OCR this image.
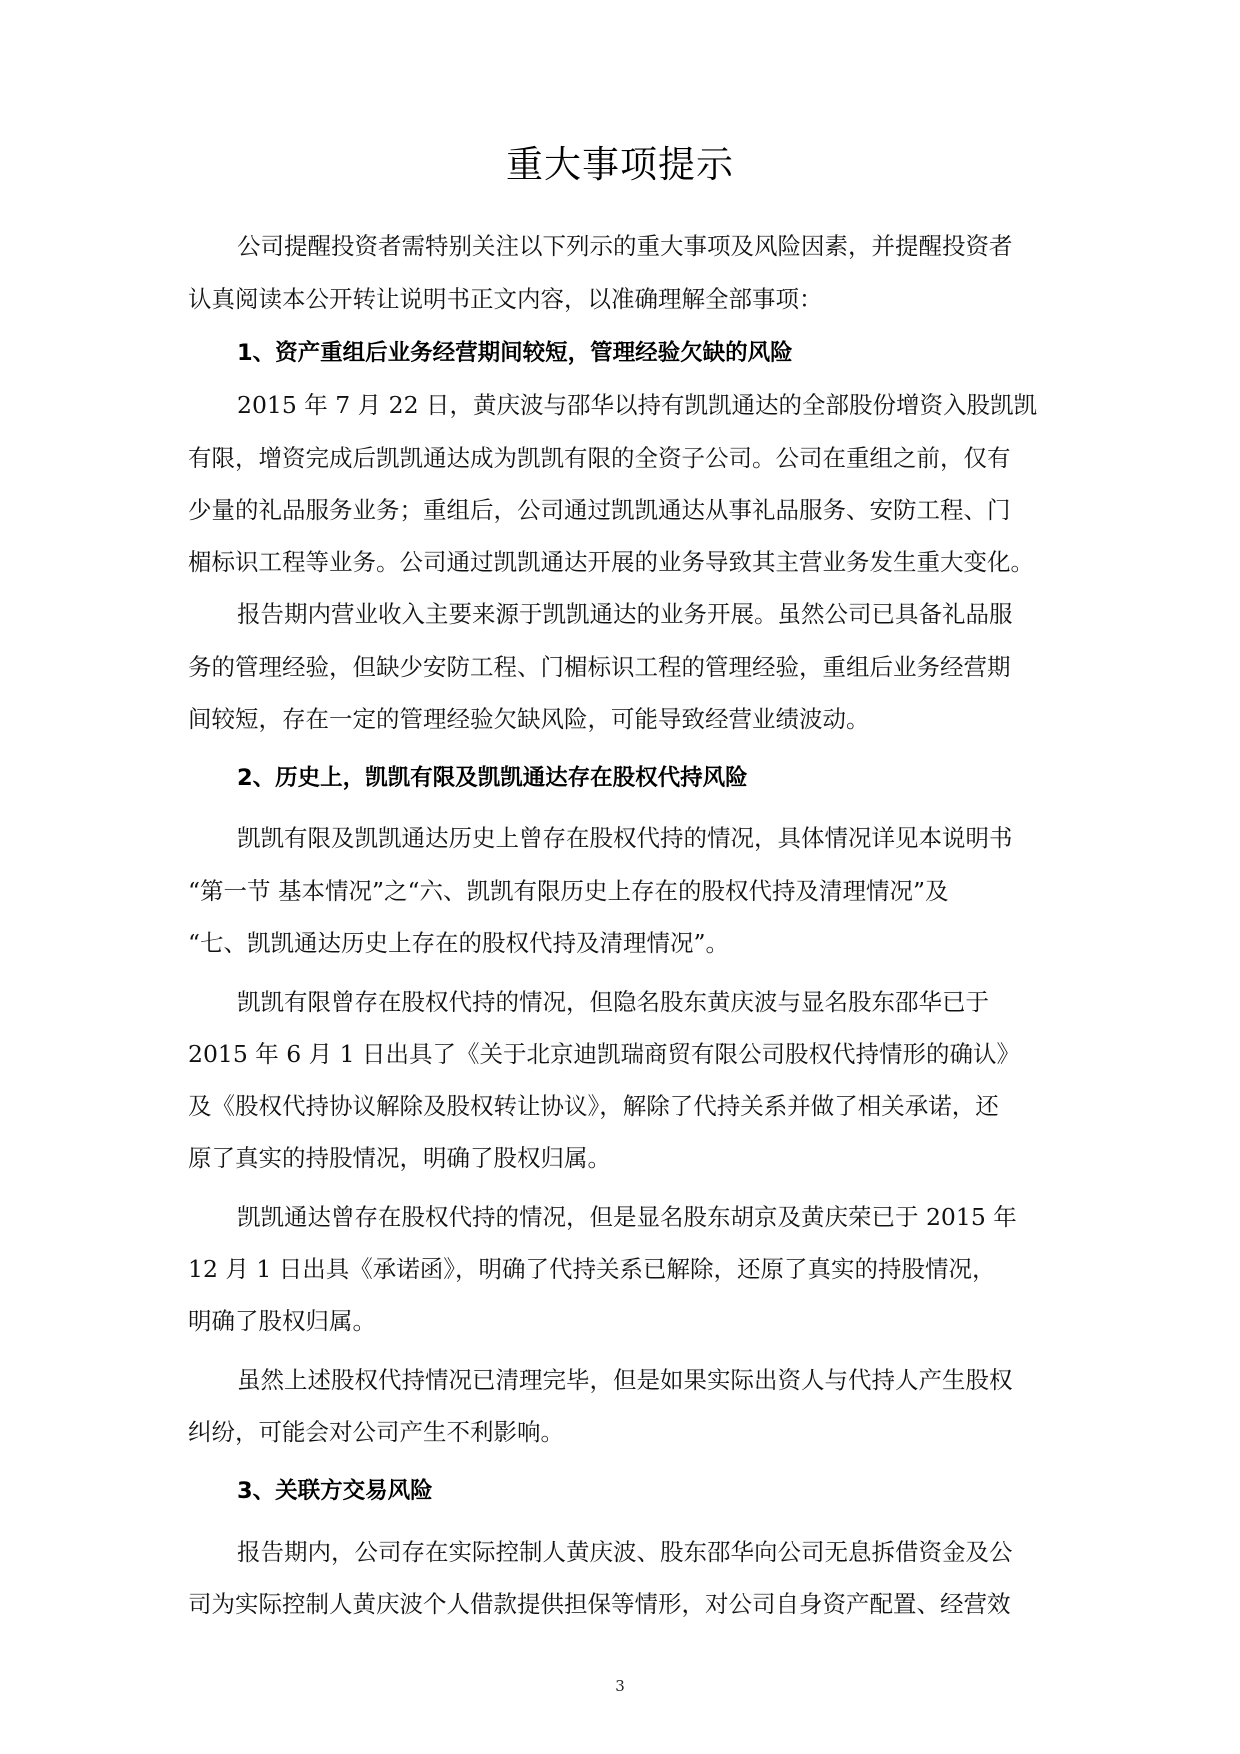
重大事项提示
公司提醒投资者需特别关注以下列示的重大事项及风险因素，并提醒投资者
认真阅读本公开转让说明书正文内容，以准确理解全部事项：
1、资产重组后业务经营期间较短，管理经验欠缺的风险
2015 年 7 月 22 日，黄庆波与邵华以持有凯凯通达的全部股份增资入股凯凯
有限，增资完成后凯凯通达成为凯凯有限的全资子公司。公司在重组之前，仅有
少量的礼品服务业务；重组后，公司通过凯凯通达从事礼品服务、安防工程、门
楣标识工程等业务。公司通过凯凯通达开展的业务导致其主营业务发生重大变化。
报告期内营业收入主要来源于凯凯通达的业务开展。虽然公司已具备礼品服
务的管理经验，但缺少安防工程、门楣标识工程的管理经验，重组后业务经营期
间较短，存在一定的管理经验欠缺风险，可能导致经营业绩波动。
2、历史上，凯凯有限及凯凯通达存在股权代持风险
凯凯有限及凯凯通达历史上曾存在股权代持的情况，具体情况详见本说明书
“第一节 基本情况”之“六、凯凯有限历史上存在的股权代持及清理情况”及
“七、凯凯通达历史上存在的股权代持及清理情况”。
凯凯有限曾存在股权代持的情况，但隐名股东黄庆波与显名股东邵华已于
2015 年 6 月 1 日出具了《关于北京迪凯瑞商贸有限公司股权代持情形的确认》
及《股权代持协议解除及股权转让协议》，解除了代持关系并做了相关承诺，还
原了真实的持股情况，明确了股权归属。
凯凯通达曾存在股权代持的情况，但是显名股东胡京及黄庆荣已于 2015 年
12 月 1 日出具《承诺函》，明确了代持关系已解除，还原了真实的持股情况，
明确了股权归属。
虽然上述股权代持情况已清理完毕，但是如果实际出资人与代持人产生股权
纠纷，可能会对公司产生不利影响。
3、关联方交易风险
报告期内，公司存在实际控制人黄庆波、股东邵华向公司无息拆借资金及公
司为实际控制人黄庆波个人借款提供担保等情形，对公司自身资产配置、经营效
3
